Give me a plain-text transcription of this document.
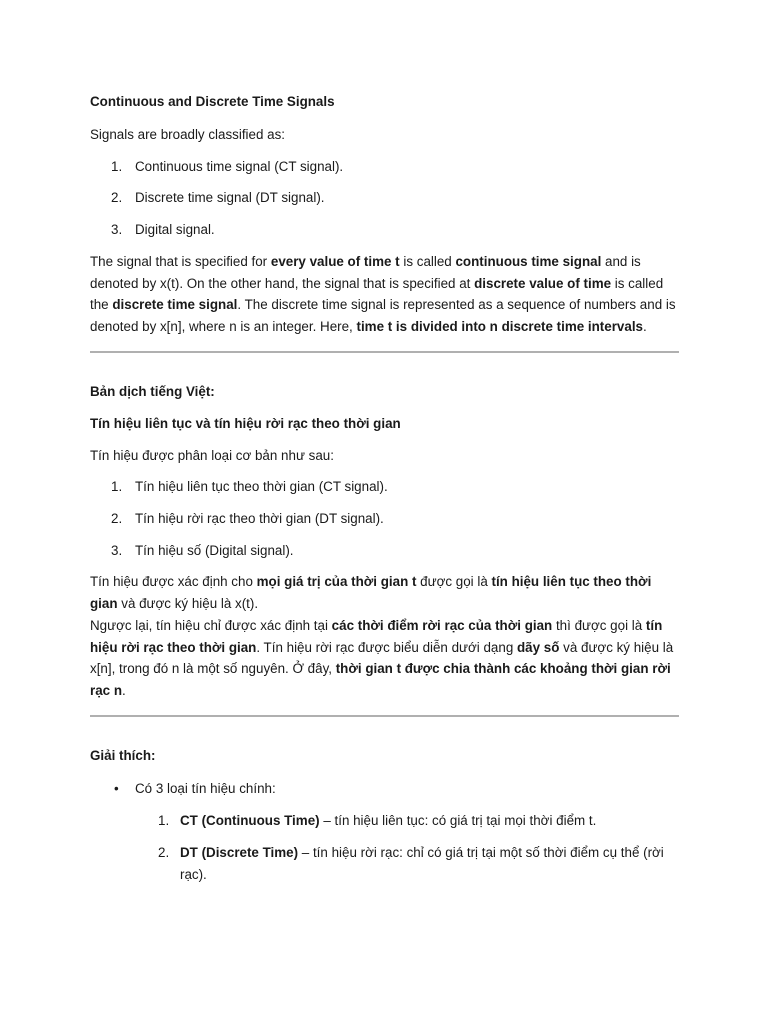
Continuous and Discrete Time Signals

Signals are broadly classified as:

1. Continuous time signal (CT signal).
2. Discrete time signal (DT signal).
3. Digital signal.

The signal that is specified for every value of time t is called continuous time signal and is denoted by x(t). On the other hand, the signal that is specified at discrete value of time is called the discrete time signal. The discrete time signal is represented as a sequence of numbers and is denoted by x[n], where n is an integer. Here, time t is divided into n discrete time intervals.

Bản dịch tiếng Việt:
Tín hiệu liên tục và tín hiệu rời rạc theo thời gian

Tín hiệu được phân loại cơ bản như sau:

1. Tín hiệu liên tục theo thời gian (CT signal).
2. Tín hiệu rời rạc theo thời gian (DT signal).
3. Tín hiệu số (Digital signal).

Tín hiệu được xác định cho mọi giá trị của thời gian t được gọi là tín hiệu liên tục theo thời gian và được ký hiệu là x(t).

Ngược lại, tín hiệu chỉ được xác định tại các thời điểm rời rạc của thời gian thì được gọi là tín hiệu rời rạc theo thời gian. Tín hiệu rời rạc được biểu diễn dưới dạng dãy số và được ký hiệu là x[n], trong đó n là một số nguyên. Ở đây, thời gian t được chia thành các khoảng thời gian rời rạc n.

Giải thích:
• Có 3 loại tín hiệu chính:
1. CT (Continuous Time) – tín hiệu liên tục: có giá trị tại mọi thời điểm t.
2. DT (Discrete Time) – tín hiệu rời rạc: chỉ có giá trị tại một số thời điểm cụ thể (rời rạc).
